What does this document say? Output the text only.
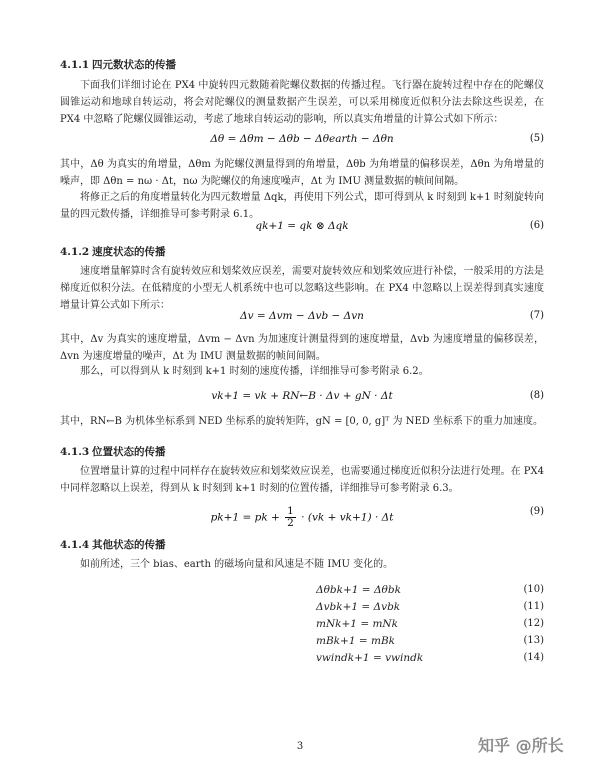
4.1.1 四元数状态的传播
下面我们详细讨论在 PX4 中旋转四元数随着陀螺仪数据的传播过程。飞行器在旋转过程中存在的陀螺仪圆锥运动和地球自转运动，将会对陀螺仪的测量数据产生误差，可以采用梯度近似积分法去除这些误差，在 PX4 中忽略了陀螺仪圆锥运动，考虑了地球自转运动的影响，所以真实角增量的计算公式如下所示：
Δθ = Δθm − Δθb − Δθearth − Δθn	(5)
其中，Δθ 为真实的角增量，Δθm 为陀螺仪测量得到的角增量，Δθb 为角增量的偏移误差，Δθn 为角增量的噪声，即 Δθn = nω · Δt，nω 为陀螺仪的角速度噪声，Δt 为 IMU 测量数据的帧间间隔。
将修正之后的角度增量转化为四元数增量 Δqk，再使用下列公式，即可得到从 k 时刻到 k+1 时刻旋转向量的四元数传播，详细推导可参考附录 6.1。
qk+1 = qk ⊗ Δqk	(6)
4.1.2 速度状态的传播
速度增量解算时含有旋转效应和划桨效应误差，需要对旋转效应和划桨效应进行补偿，一般采用的方法是梯度近似积分法。在低精度的小型无人机系统中也可以忽略这些影响。在 PX4 中忽略以上误差得到真实速度增量计算公式如下所示：
Δv = Δvm − Δvb − Δvn	(7)
其中，Δv 为真实的速度增量，Δvm − Δvn 为加速度计测量得到的速度增量，Δvb 为速度增量的偏移误差，Δvn 为速度增量的噪声，Δt 为 IMU 测量数据的帧间间隔。
那么，可以得到从 k 时刻到 k+1 时刻的速度传播，详细推导可参考附录 6.2。
vk+1 = vk + RN←B · Δv + gN · Δt	(8)
其中，RN←B 为机体坐标系到 NED 坐标系的旋转矩阵，gN = [0, 0, g]ᵀ 为 NED 坐标系下的重力加速度。
4.1.3 位置状态的传播
位置增量计算的过程中同样存在旋转效应和划桨效应误差，也需要通过梯度近似积分法进行处理。在 PX4 中同样忽略以上误差，得到从 k 时刻到 k+1 时刻的位置传播，详细推导可参考附录 6.3。
pk+1 = pk + $\frac{1}{2} \cdot (vk + vk+1) \cdot \Delta t$	(9)
4.1.4 其他状态的传播
如前所述，三个 bias、earth 的磁场向量和风速是不随 IMU 变化的。
Δθbk+1 = Δθbk	(10)
Δvbk+1 = Δvbk	(11)
mNk+1 = mNk	(12)
mBk+1 = mBk	(13)
vwindk+1 = vwindk	(14)
3	知乎 @所长
